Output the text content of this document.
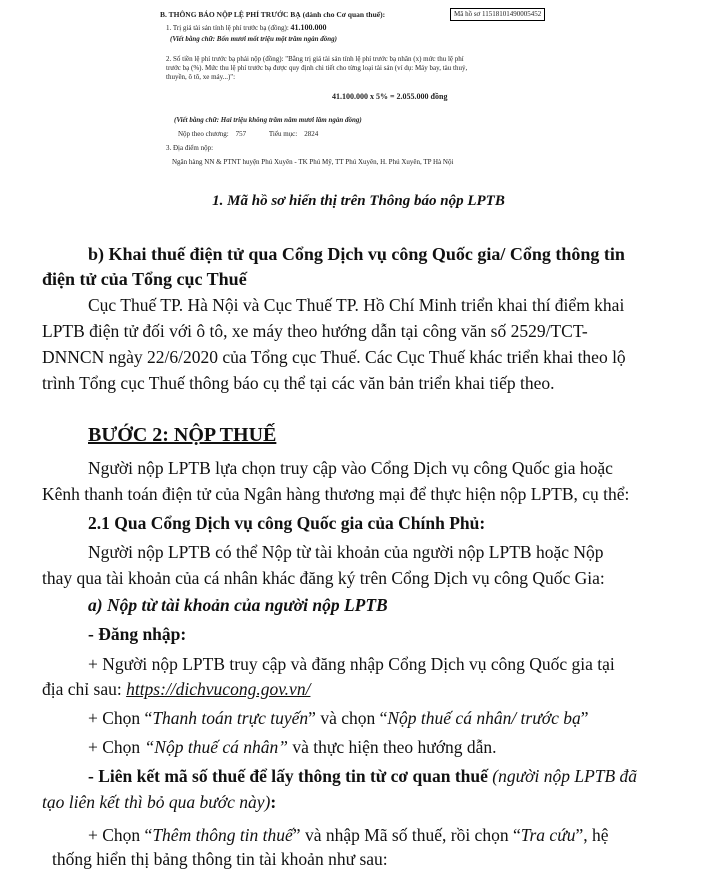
B. THÔNG BÁO NỘP LỆ PHÍ TRƯỚC BẠ (dành cho Cơ quan thuế):	Mã hồ sơ 11518101490005452
1. Trị giá tài sản tính lệ phí trước bạ (đồng): 41.100.000
(Viết bằng chữ: Bốn mươi mốt triệu một trăm ngàn đồng)
2. Số tiền lệ phí trước bạ phải nộp (đồng): "Bằng trị giá tài sản tính lệ phí trước bạ nhân (x) mức thu lệ phí
trước bạ (%). Mức thu lệ phí trước bạ được quy định chi tiết cho từng loại tài sản (ví dụ: Máy bay, tàu thuỷ,
thuyền, ô tô, xe máy...)":
41.100.000 x 5% = 2.055.000 đồng
(Viết bằng chữ: Hai triệu không trăm năm mươi lăm ngàn đồng)
Nộp theo chương: 757	Tiểu mục: 2824
3. Địa điểm nộp:
Ngân hàng NN & PTNT huyện Phú Xuyên - TK Phú Mỹ, TT Phú Xuyên, H. Phú Xuyên, TP Hà Nội
1. Mã hồ sơ hiển thị trên Thông báo nộp LPTB
b) Khai thuế điện tử qua Cổng Dịch vụ công Quốc gia/ Cổng thông tin
điện tử của Tổng cục Thuế
Cục Thuế TP. Hà Nội và Cục Thuế TP. Hồ Chí Minh triển khai thí điểm khai
LPTB điện tử đối với ô tô, xe máy theo hướng dẫn tại công văn số 2529/TCT-
DNNCN ngày 22/6/2020 của Tổng cục Thuế. Các Cục Thuế khác triển khai theo lộ
trình Tổng cục Thuế thông báo cụ thể tại các văn bản triển khai tiếp theo.
BƯỚC 2: NỘP THUẾ
Người nộp LPTB lựa chọn truy cập vào Cổng Dịch vụ công Quốc gia hoặc
Kênh thanh toán điện tử của Ngân hàng thương mại để thực hiện nộp LPTB, cụ thể:
2.1 Qua Cổng Dịch vụ công Quốc gia của Chính Phủ:
Người nộp LPTB có thể Nộp từ tài khoản của người nộp LPTB hoặc Nộp
thay qua tài khoản của cá nhân khác đăng ký trên Cổng Dịch vụ công Quốc Gia:
a) Nộp từ tài khoản của người nộp LPTB
- Đăng nhập:
+ Người nộp LPTB truy cập và đăng nhập Cổng Dịch vụ công Quốc gia tại
địa chỉ sau: https://dichvucong.gov.vn/
+ Chọn “Thanh toán trực tuyến” và chọn “Nộp thuế cá nhân/ trước bạ”
+ Chọn “Nộp thuế cá nhân” và thực hiện theo hướng dẫn.
- Liên kết mã số thuế để lấy thông tin từ cơ quan thuế (người nộp LPTB đã
tạo liên kết thì bỏ qua bước này):
+ Chọn “Thêm thông tin thuế” và nhập Mã số thuế, rồi chọn “Tra cứu”, hệ
thống hiển thị bảng thông tin tài khoản như sau:
